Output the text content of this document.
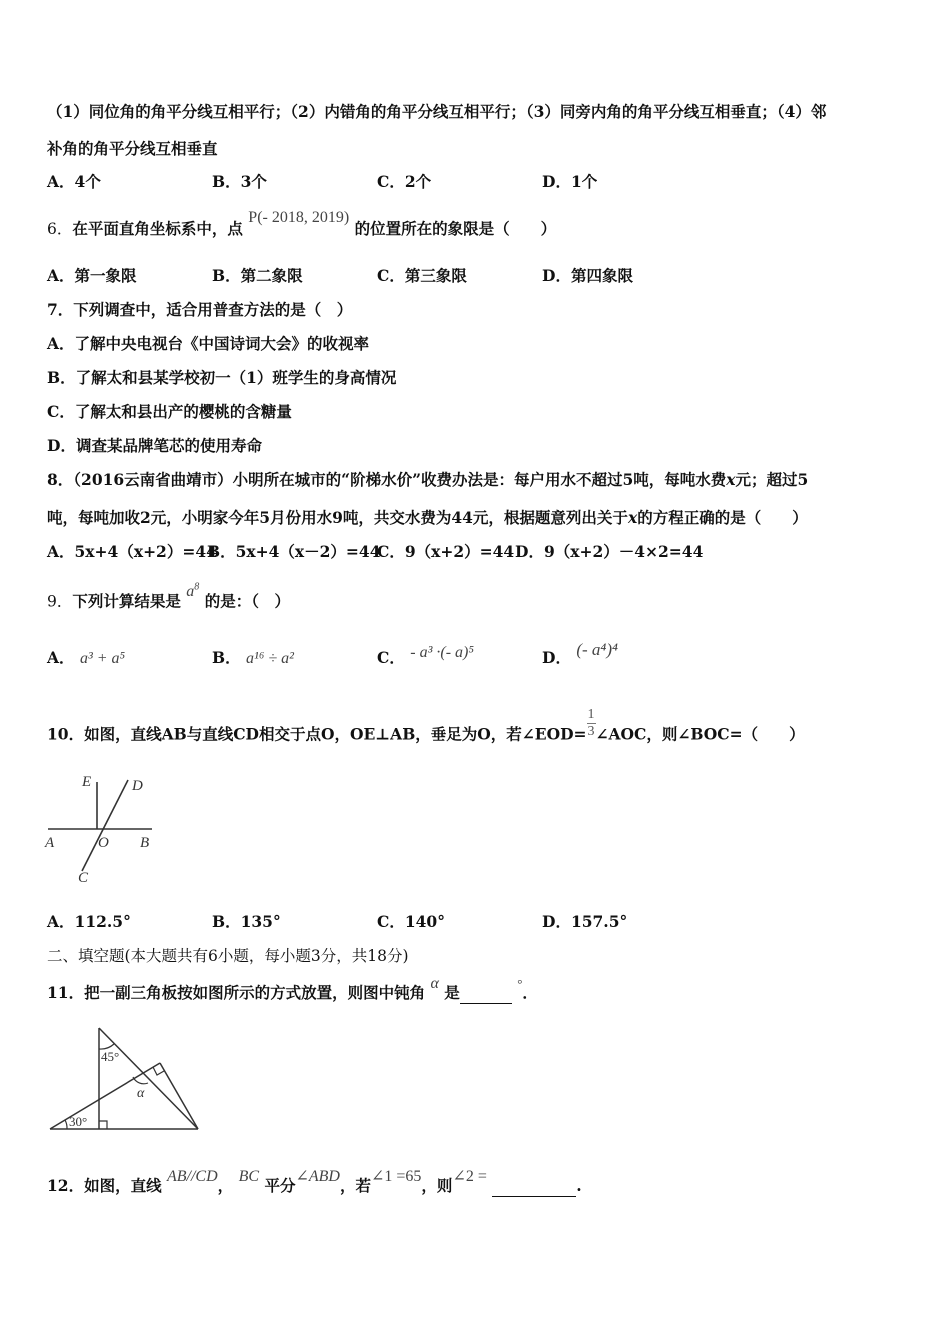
（1）同位角的角平分线互相平行；（2）内错角的角平分线互相平行；（3）同旁内角的角平分线互相垂直；（4）邻
补角的角平分线互相垂直
A．4个	B．3个	C．2个	D．1个
6．在平面直角坐标系中，点 P(- 2018, 2019) 的位置所在的象限是（　　）
A．第一象限	B．第二象限	C．第三象限	D．第四象限
7．下列调查中，适合用普查方法的是（　）
A．了解中央电视台《中国诗词大会》的收视率
B．了解太和县某学校初一（1）班学生的身高情况
C．了解太和县出产的樱桃的含糖量
D．调查某品牌笔芯的使用寿命
8．（2016云南省曲靖市）小明所在城市的“阶梯水价”收费办法是：每户用水不超过5吨，每吨水费x元；超过5
吨，每吨加收2元，小明家今年5月份用水9吨，共交水费为44元，根据题意列出关于x的方程正确的是（　　）
A．5x+4（x+2）=44
B．5x+4（x－2）=44
C．9（x+2）=44 D．9（x+2）－4×2=44
9．下列计算结果是 $a^8$ 的是：（　）
A． a³ + a⁵	B． a¹⁶ ÷ a²	C． - a³ ·(- a)⁵	D． (- a⁴)⁴
10．如图，直线AB与直线CD相交于点O，OE⊥AB，垂足为O，若∠EOD= $\frac{1}{3}$ ∠AOC，则∠BOC=（　　）
E	D
A	O B
C
A．112.5°	B．135°	C．140°	D．157.5°
二、填空题(本大题共有6小题，每小题3分，共18分)
11．把一副三角板按如图所示的方式放置，则图中钝角 α 是	°．
45°
α
30°
12．如图，直线 AB//CD， BC 平分∠ABD，若∠1 =65，则∠2 =	.
